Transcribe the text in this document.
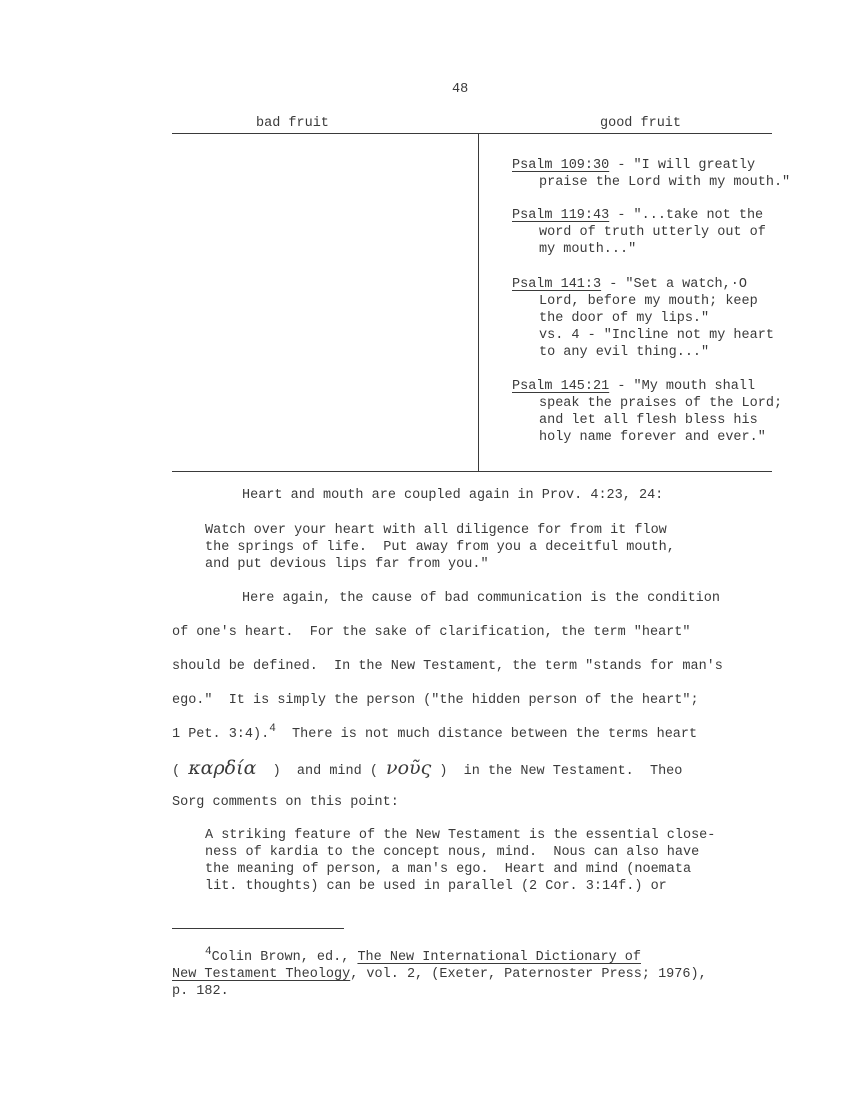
48
bad fruit	good fruit
Psalm 109:30 - "I will greatly
praise the Lord with my mouth."
Psalm 119:43 - "...take not the
word of truth utterly out of
my mouth..."
Psalm 141:3 - "Set a watch,·O
Lord, before my mouth; keep
the door of my lips."
vs. 4 - "Incline not my heart
to any evil thing..."
Psalm 145:21 - "My mouth shall
speak the praises of the Lord;
and let all flesh bless his
holy name forever and ever."
Heart and mouth are coupled again in Prov. 4:23, 24:
Watch over your heart with all diligence for from it flow
the springs of life.  Put away from you a deceitful mouth,
and put devious lips far from you."
Here again, the cause of bad communication is the condition
of one's heart.  For the sake of clarification, the term "heart"
should be defined.  In the New Testament, the term "stands for man's
ego."  It is simply the person ("the hidden person of the heart";
1 Pet. 3:4).$^4$ There is not much distance between the terms heart
( καρδία )  and mind ( νοῦς )  in the New Testament.  Theo
Sorg comments on this point:
A striking feature of the New Testament is the essential close-
ness of kardia to the concept nous, mind.  Nous can also have
the meaning of person, a man's ego.  Heart and mind (noemata
lit. thoughts) can be used in parallel (2 Cor. 3:14f.) or
$^4$Colin Brown, ed., The New International Dictionary of
New Testament Theology, vol. 2, (Exeter, Paternoster Press; 1976),
p. 182.
